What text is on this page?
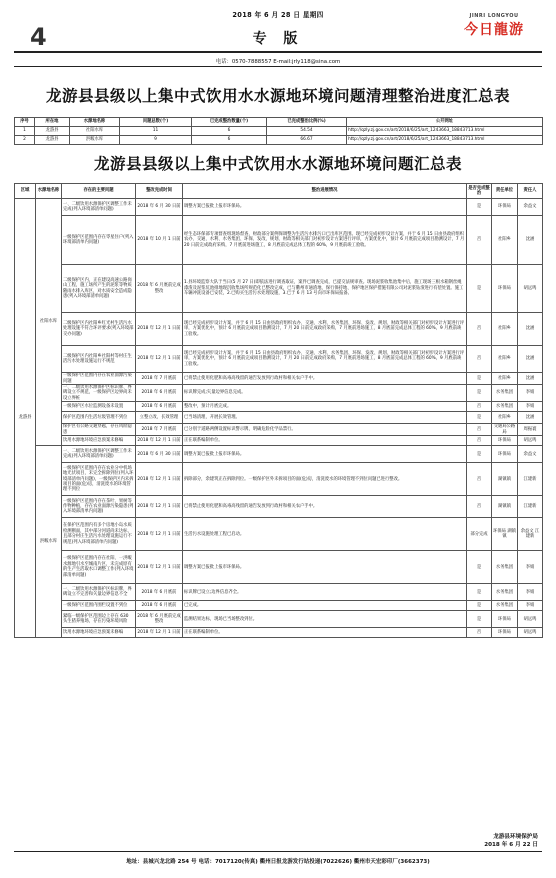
2018 年 6 月 28 日 星期四
4	专 版
JINRI LONGYOU
今日龍游
电话：0570-7888557 E-mail:jrly118@sina.com
龙游县县级以上集中式饮用水水源地环境问题清理整治进度汇总表
序号	所在地	水源地名称	问题总数(个)	已完成整治数量(个)	已完成整治比例(%)	公开网址
1	龙游县	社阳水库	11	6	54.54	http://qzly.zj.gov.cn/art/2018/6/25/art_1243663_18843713.html
2	龙游县	洪畈水库	9	6	66.67	http://qzly.zj.gov.cn/art/2018/6/25/art_1243663_18843713.html
龙游县县级以上集中式饮用水水源地环境问题汇总表
区域	水源地名称	存在的主要问题	整改完成时间	整治进展情况	是否完成整治	责任单位	责任人
龙游县	社阳水库	一、二级饮用水源保护区调整工作未完成(列入环境部清单问题)	2018 年 6 月 30 日前	调整方案已报批上报市环保局。	是	环保局	余益文
		一级保护区范围内存在零星住户(列入环境部清单内问题)	2018 年 10 月 1 日前	经生态环保部专项督查组现场督查，财政部分案例保调整为生活污水排污口已出库区范围。现已经完成初步设计方案，并于 6 月 15 日由县政府组织农办、交通、水利、水务集团、环保、发改、规划、财政等相关部门对初步设计方案进行评审，方案优化中，预计 6 月底前完成项目勘测设计，7 月 20 日前完成政府采购，7 月底前进场施工，8 月底前完成总体工程的 60%，9 月底前竣工验收。	否	社阳乡	沈涵
		二级保护区内，正在建设高速公路岗山工程，施工场所产生的泥浆等物质随雨水排入库区，对水质安全造成隐患(列入环境部清单问题)	2018 年 6 月底前完成整改	1.县环境监察大队于当日(5 月 27 日)即依法进行调查取证，案件已调查完成，已提交法规审查。现场泥浆收集池集中后，施工现场三根水箱钢丝绳漆渣及泥浆坑池排地现沉收集场所规范化已整改完成，已与衢州市通渣地、保行保持地、保护地区保护措施有限公司对泥浆钻渣进行有偿处置。施工车辆冲洗设备已安装，2.已购买生活污水处理设施，3.已于 6 月 13 号向市环保局报备。	是	环保局	胡远鸣
		二级保护区内社阳乡红光村生活污水处理设施不符合环评要求(列入环境部交办问题)	2018 年 12 月 1 日前	现已经完成初步设计方案，并于 6 月 15 日由县政府组织农办、交通、水利、水务集团、环保、发改、规划、财政等相关部门对初步设计方案进行评审，方案优化中，预计 6 月底前完成项目勘测设计，7 月 20 日前完成政府采购，7 月底前进场施工，8 月底前完成总体工程的 60%，9 月底前竣工验收。	否	社阳乡	沈涵
		二级保护区内社阳乡社阳村等村庄生活污水处理设施运行不规范	2018 年 12 月 1 日前	现已经完成初步设计方案，并于 6 月 15 日由县政府组织农办、交通、水利、水务集团、环保、发改、规划、财政等相关部门对初步设计方案进行评审，方案优化中，预计 6 月底前完成项目勘测设计，7 月 20 日前完成政府采购，7 月底前进场施工，8 月底前完成总体工程的 60%，9 月底前竣工验收。	否	社阳乡	沈涵
		一级保护区范围内存在农业面源污染问题	2018 年 7 月底前	已将禁止使用化肥和高毒高残留的通告发放到行政村和相关农户手中。	是	社阳乡	沈涵
		一、二级饮用水源保护区标识牌、界碑设立不规范，一级保护区边界尚未设立界桩	2018 年 6 月底前	标识牌完成;矢量边界信息完成。	是	水务集团	李娟
		一级保护区水位监测设备未设置	2018 年 6 月底前	整改中，预计月底完成。	否	水务集团	李娟
		保护区范围内生活垃圾管理不到位	立整立改，长效管理	已当场清理，开展长效管理。	是	社阳乡	沈涵
		保护区有公路交通穿越，存在风险隐患	2018 年 7 月底前	已分别于道路两侧设置标识警示牌，明确危险化学品禁行。	否	交通局公路局	周振寰
		饮用水源地环境应急预案未修编	2018 年 12 月 1 日前	正在联系编制单位。	否	环保局	胡远鸣
	洪畈水库	一、二级饮用水源保护区调整工作未完成(列入环境部清单问题)	2018 年 6 月 30 日前	调整方案已报批上报市环保局。	是	环保局	余益文
		一级保护区范围内存在农业分中机场地光伏项目，未完全拆除到位(列入环境部清单内问题)，一级保护区内未拆项目的面(危)房，清洗废水的环境管理不到位	2018 年 12 月 1 日前	拆除部分，余建筑正在拆除到位。一级保护区外未拆项目的面(危)房，清洗废水的环境管理不到位问题已进行整改。	否	湖镇镇	江建新
		一级保护区范围内存在茶叶，果树等作物种植，存在农业面源污染隐患(列入环境部清单内问题)	2018 年 12 月 1 日前	已将禁止使用化肥和高毒高残留的通告发放到行政村和相关农户手中。	否	湖镇镇	江建新
		在保护区范围内有多个房地小岛水质检测断面，其中部分河道尚未达标，且部分村庄生活污水处理设施运行不规范(列入环境部清单内问题)	2018 年 12 月 1 日前	生活污水设施处理工程已启动。	部分完成	环保局 湖镇镇	余益文 江建新
		一级保护区范围内存在社阳、一洪畈水源地引水至城南片区，未完成原有的生产生活取水口调整工作(列入环境部清单问题)	2018 年 12 月 1 日前	调整方案已报批上报市环保局。	是	水务集团	李娟
		一、二级饮用水源保护区标识牌，界碑设立不完善和矢量边界信息不全	2018 年 6 月底前	标识牌已设立;边界信息齐全。	是	水务集团	李娟
		一级保护区范围内围栏设置不到位	2018 年 6 月底前	已完成。	是	水务集团	李娟
		紧临一级保护区范围边上存在 630 头生猪养殖场，存在污染环境风险	2018 年 6 月底前完成整改	监测结果达标，现场已当场整改到位。	是	环保局	胡远鸣
		饮用水源地环境应急预案未修编	2018 年 12 月 1 日前	正在联系编制单位。	否	环保局	胡远鸣
龙游县环境保护局
2018 年 6 月 22 日
地址：县城兴龙北路 254 号 电话：7017120(传真) 衢州日报龙游发行站投递(7022626) 衢州市天宏彩印厂(3662373)
